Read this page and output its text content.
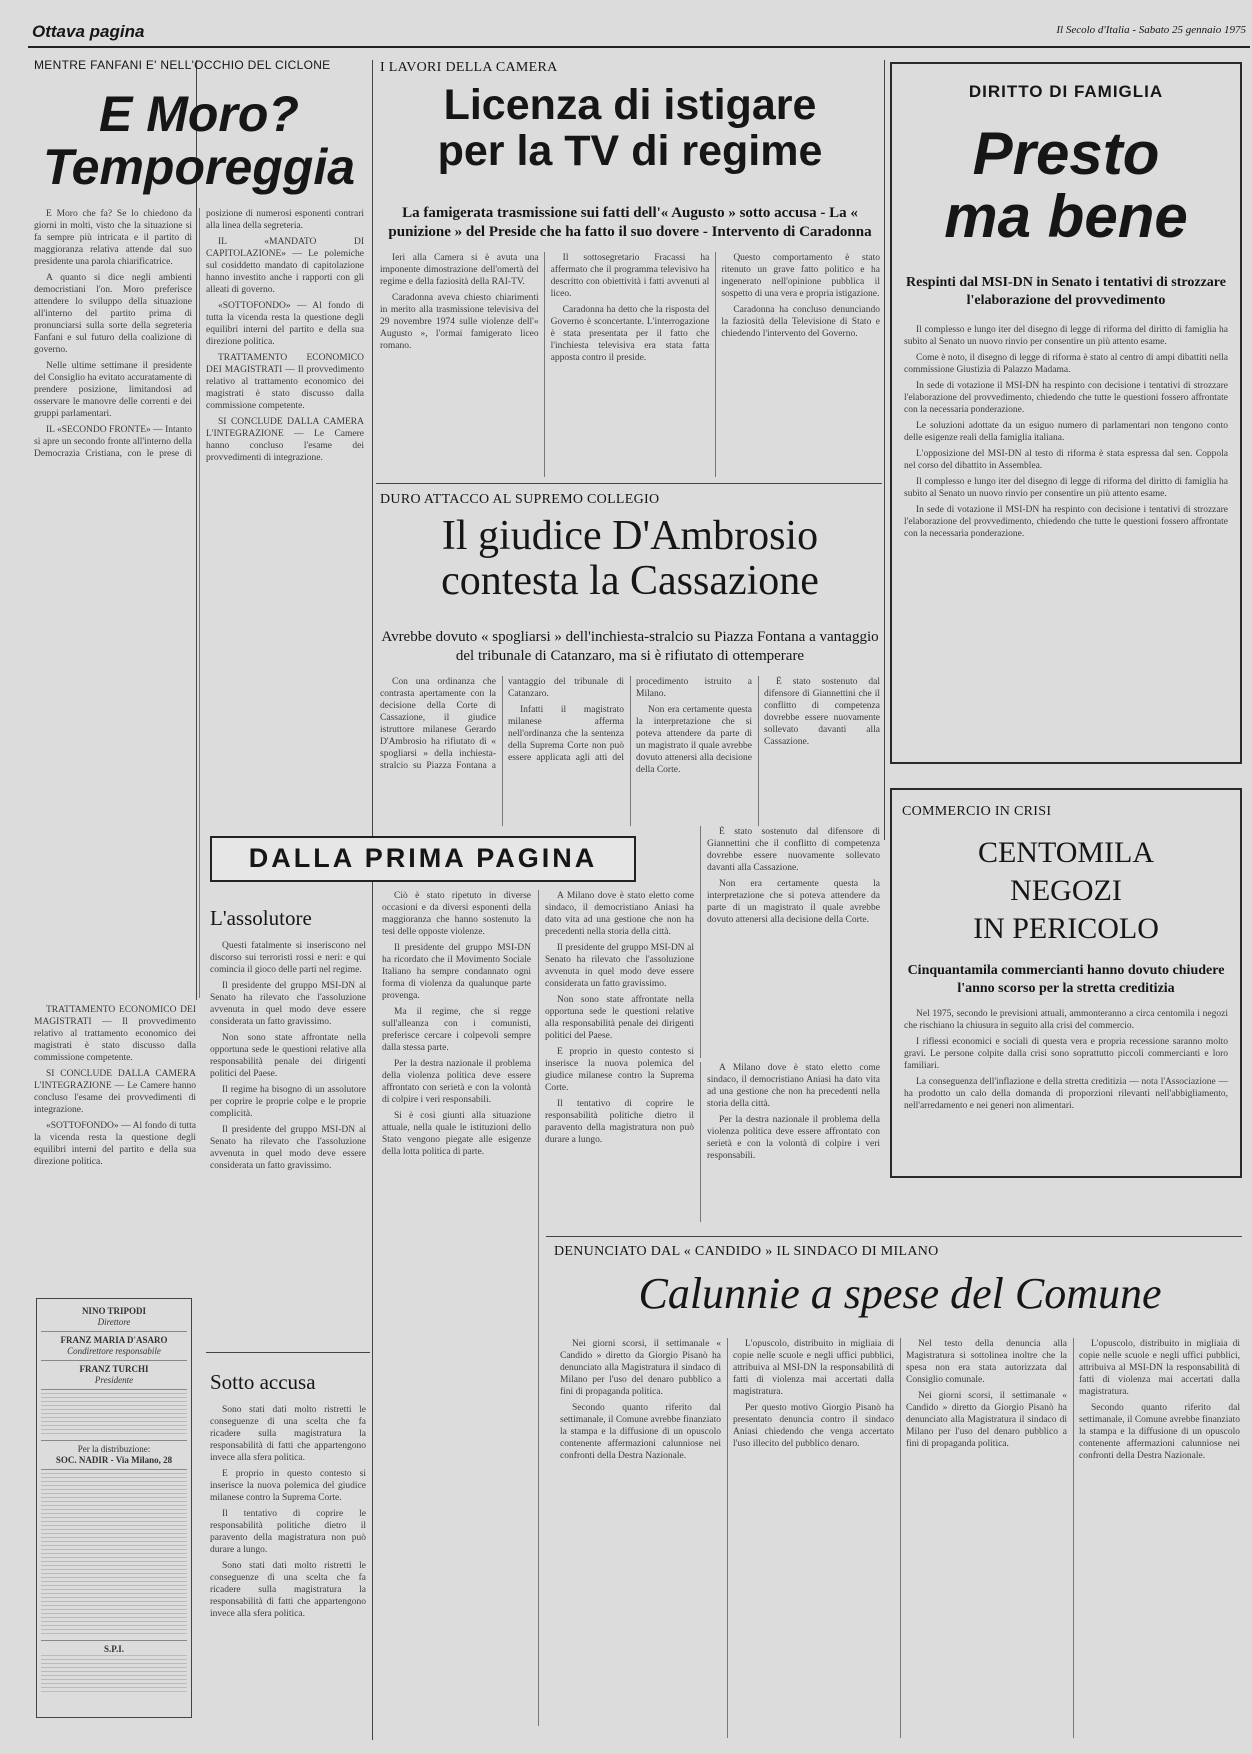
Ottava pagina	Il Secolo d'Italia - Sabato 25 gennaio 1975
MENTRE FANFANI E' NELL'OCCHIO DEL CICLONE
E Moro?
Temporeggia

E Moro che fa? Se lo chiedono da giorni in molti, visto che la situazione si fa sempre più intricata e il partito di maggioranza relativa attende dal suo presidente una parola chiarificatrice.

A quanto si dice negli ambienti democristiani l'on. Moro preferisce attendere lo sviluppo della situazione all'interno del partito prima di pronunciarsi sulla sorte della segreteria Fanfani e sul futuro della coalizione di governo.

Nelle ultime settimane il presidente del Consiglio ha evitato accuratamente di prendere posizione, limitandosi ad osservare le manovre delle correnti e dei gruppi parlamentari.

IL «SECONDO FRONTE» — Intanto si apre un secondo fronte all'interno della Democrazia Cristiana, con le prese di posizione di numerosi esponenti contrari alla linea della segreteria.

IL «MANDATO DI CAPITOLAZIONE» — Le polemiche sul cosiddetto mandato di capitolazione hanno investito anche i rapporti con gli alleati di governo.

«SOTTOFONDO» — Al fondo di tutta la vicenda resta la questione degli equilibri interni del partito e della sua direzione politica.

TRATTAMENTO ECONOMICO DEI MAGISTRATI — Il provvedimento relativo al trattamento economico dei magistrati è stato discusso dalla commissione competente.

SI CONCLUDE DALLA CAMERA L'INTEGRAZIONE — Le Camere hanno concluso l'esame dei provvedimenti di integrazione.

TRATTAMENTO ECONOMICO DEI MAGISTRATI — Il provvedimento relativo al trattamento economico dei magistrati è stato discusso dalla commissione competente.

SI CONCLUDE DALLA CAMERA L'INTEGRAZIONE — Le Camere hanno concluso l'esame dei provvedimenti di integrazione.

«SOTTOFONDO» — Al fondo di tutta la vicenda resta la questione degli equilibri interni del partito e della sua direzione politica.

NINO TRIPODI
Direttore
FRANZ MARIA D'ASARO
Condirettore responsabile
FRANZ TURCHI
Presidente
Per la distribuzione:
SOC. NADIR - Via Milano, 28
S.P.I.
I LAVORI DELLA CAMERA
Licenza di istigare
per la TV di regime
La famigerata trasmissione sui fatti dell'« Augusto » sotto accusa - La « punizione » del Preside che ha fatto il suo dovere - Intervento di Caradonna

Ieri alla Camera si è avuta una imponente dimostrazione dell'omertà del regime e della faziosità della RAI-TV.

Caradonna aveva chiesto chiarimenti in merito alla trasmissione televisiva del 29 novembre 1974 sulle violenze dell'« Augusto », l'ormai famigerato liceo romano.

Il sottosegretario Fracassi ha affermato che il programma televisivo ha descritto con obiettività i fatti avvenuti al liceo.

Caradonna ha detto che la risposta del Governo è sconcertante. L'interrogazione è stata presentata per il fatto che l'inchiesta televisiva era stata fatta apposta contro il preside.

Questo comportamento è stato ritenuto un grave fatto politico e ha ingenerato nell'opinione pubblica il sospetto di una vera e propria istigazione.

Caradonna ha concluso denunciando la faziosità della Televisione di Stato e chiedendo l'intervento del Governo.

DURO ATTACCO AL SUPREMO COLLEGIO
Il giudice D'Ambrosio
contesta la Cassazione
Avrebbe dovuto « spogliarsi » dell'inchiesta-stralcio su Piazza Fontana a vantaggio del tribunale di Catanzaro, ma si è rifiutato di ottemperare

Con una ordinanza che contrasta apertamente con la decisione della Corte di Cassazione, il giudice istruttore milanese Gerardo D'Ambrosio ha rifiutato di « spogliarsi » della inchiesta-stralcio su Piazza Fontana a vantaggio del tribunale di Catanzaro.

Infatti il magistrato milanese afferma nell'ordinanza che la sentenza della Suprema Corte non può essere applicata agli atti del procedimento istruito a Milano.

Non era certamente questa la interpretazione che si poteva attendere da parte di un magistrato il quale avrebbe dovuto attenersi alla decisione della Corte.

È stato sostenuto dal difensore di Giannettini che il conflitto di competenza dovrebbe essere nuovamente sollevato davanti alla Cassazione.

È stato sostenuto dal difensore di Giannettini che il conflitto di competenza dovrebbe essere nuovamente sollevato davanti alla Cassazione.

Non era certamente questa la interpretazione che si poteva attendere da parte di un magistrato il quale avrebbe dovuto attenersi alla decisione della Corte.

DIRITTO DI FAMIGLIA
Presto
ma bene
Respinti dal MSI-DN in Senato i tentativi di strozzare l'elaborazione del provvedimento

Il complesso e lungo iter del disegno di legge di riforma del diritto di famiglia ha subìto al Senato un nuovo rinvio per consentire un più attento esame.

Come è noto, il disegno di legge di riforma è stato al centro di ampi dibattiti nella commissione Giustizia di Palazzo Madama.

In sede di votazione il MSI-DN ha respinto con decisione i tentativi di strozzare l'elaborazione del provvedimento, chiedendo che tutte le questioni fossero affrontate con la necessaria ponderazione.

Le soluzioni adottate da un esiguo numero di parlamentari non tengono conto delle esigenze reali della famiglia italiana.

L'opposizione del MSI-DN al testo di riforma è stata espressa dal sen. Coppola nel corso del dibattito in Assemblea.

Il complesso e lungo iter del disegno di legge di riforma del diritto di famiglia ha subìto al Senato un nuovo rinvio per consentire un più attento esame.

In sede di votazione il MSI-DN ha respinto con decisione i tentativi di strozzare l'elaborazione del provvedimento, chiedendo che tutte le questioni fossero affrontate con la necessaria ponderazione.

COMMERCIO IN CRISI
CENTOMILA
NEGOZI
IN PERICOLO
Cinquantamila commercianti hanno dovuto chiudere l'anno scorso per la stretta creditizia

Nel 1975, secondo le previsioni attuali, ammonteranno a circa centomila i negozi che rischiano la chiusura in seguito alla crisi del commercio.

I riflessi economici e sociali di questa vera e propria recessione saranno molto gravi. Le persone colpite dalla crisi sono soprattutto piccoli commercianti e loro familiari.

La conseguenza dell'inflazione e della stretta creditizia — nota l'Associazione — ha prodotto un calo della domanda di proporzioni rilevanti nell'abbigliamento, nell'arredamento e nei generi non alimentari.

DALLA PRIMA PAGINA
L'assolutore

Questi fatalmente si inseriscono nel discorso sui terroristi rossi e neri: e qui comincia il gioco delle parti nel regime.

Il presidente del gruppo MSI-DN al Senato ha rilevato che l'assoluzione avvenuta in quel modo deve essere considerata un fatto gravissimo.

Non sono state affrontate nella opportuna sede le questioni relative alla responsabilità penale dei dirigenti politici del Paese.

Il regime ha bisogno di un assolutore per coprire le proprie colpe e le proprie complicità.

Il presidente del gruppo MSI-DN al Senato ha rilevato che l'assoluzione avvenuta in quel modo deve essere considerata un fatto gravissimo.

Sotto accusa

Sono stati dati molto ristretti le conseguenze di una scelta che fa ricadere sulla magistratura la responsabilità di fatti che appartengono invece alla sfera politica.

E proprio in questo contesto si inserisce la nuova polemica del giudice milanese contro la Suprema Corte.

Il tentativo di coprire le responsabilità politiche dietro il paravento della magistratura non può durare a lungo.

Sono stati dati molto ristretti le conseguenze di una scelta che fa ricadere sulla magistratura la responsabilità di fatti che appartengono invece alla sfera politica.

Ciò è stato ripetuto in diverse occasioni e da diversi esponenti della maggioranza che hanno sostenuto la tesi delle opposte violenze.

Il presidente del gruppo MSI-DN ha ricordato che il Movimento Sociale Italiano ha sempre condannato ogni forma di violenza da qualunque parte provenga.

Ma il regime, che si regge sull'alleanza con i comunisti, preferisce cercare i colpevoli sempre dalla stessa parte.

Per la destra nazionale il problema della violenza politica deve essere affrontato con serietà e con la volontà di colpire i veri responsabili.

Si è così giunti alla situazione attuale, nella quale le istituzioni dello Stato vengono piegate alle esigenze della lotta politica di parte.

A Milano dove è stato eletto come sindaco, il democristiano Aniasi ha dato vita ad una gestione che non ha precedenti nella storia della città.

Il presidente del gruppo MSI-DN al Senato ha rilevato che l'assoluzione avvenuta in quel modo deve essere considerata un fatto gravissimo.

Non sono state affrontate nella opportuna sede le questioni relative alla responsabilità penale dei dirigenti politici del Paese.

E proprio in questo contesto si inserisce la nuova polemica del giudice milanese contro la Suprema Corte.

Il tentativo di coprire le responsabilità politiche dietro il paravento della magistratura non può durare a lungo.

A Milano dove è stato eletto come sindaco, il democristiano Aniasi ha dato vita ad una gestione che non ha precedenti nella storia della città.

Per la destra nazionale il problema della violenza politica deve essere affrontato con serietà e con la volontà di colpire i veri responsabili.

DENUNCIATO DAL « CANDIDO » IL SINDACO DI MILANO
Calunnie a spese del Comune

Nei giorni scorsi, il settimanale « Candido » diretto da Giorgio Pisanò ha denunciato alla Magistratura il sindaco di Milano per l'uso del denaro pubblico a fini di propaganda politica.

Secondo quanto riferito dal settimanale, il Comune avrebbe finanziato la stampa e la diffusione di un opuscolo contenente affermazioni calunniose nei confronti della Destra Nazionale.

L'opuscolo, distribuito in migliaia di copie nelle scuole e negli uffici pubblici, attribuiva al MSI-DN la responsabilità di fatti di violenza mai accertati dalla magistratura.

Per questo motivo Giorgio Pisanò ha presentato denuncia contro il sindaco Aniasi chiedendo che venga accertato l'uso illecito del pubblico denaro.

Nel testo della denuncia alla Magistratura si sottolinea inoltre che la spesa non era stata autorizzata dal Consiglio comunale.

Nei giorni scorsi, il settimanale « Candido » diretto da Giorgio Pisanò ha denunciato alla Magistratura il sindaco di Milano per l'uso del denaro pubblico a fini di propaganda politica.

L'opuscolo, distribuito in migliaia di copie nelle scuole e negli uffici pubblici, attribuiva al MSI-DN la responsabilità di fatti di violenza mai accertati dalla magistratura.

Secondo quanto riferito dal settimanale, il Comune avrebbe finanziato la stampa e la diffusione di un opuscolo contenente affermazioni calunniose nei confronti della Destra Nazionale.
